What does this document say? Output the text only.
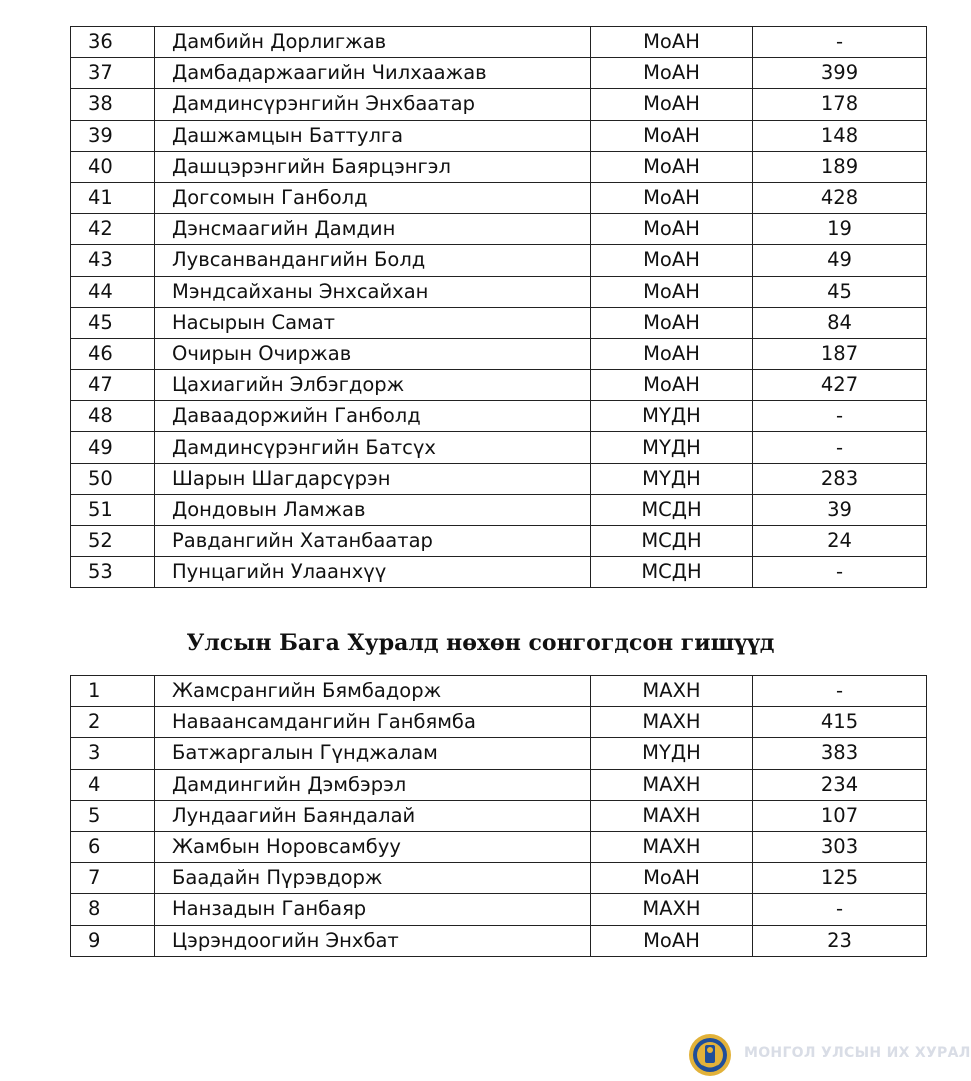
36	Дамбийн Дорлигжав	МоАН	-
37	Дамбадаржаагийн Чилхаажав	МоАН	399
38	Дамдинсүрэнгийн Энхбаатар	МоАН	178
39	Дашжамцын Баттулга	МоАН	148
40	Дашцэрэнгийн Баярцэнгэл	МоАН	189
41	Догсомын Ганболд	МоАН	428
42	Дэнсмаагийн Дамдин	МоАН	19
43	Лувсанвандангийн Болд	МоАН	49
44	Мэндсайханы Энхсайхан	МоАН	45
45	Насырын Самат	МоАН	84
46	Очирын Очиржав	МоАН	187
47	Цахиагийн Элбэгдорж	МоАН	427
48	Даваадоржийн Ганболд	МҮДН	-
49	Дамдинсүрэнгийн Батсүх	МҮДН	-
50	Шарын Шагдарсүрэн	МҮДН	283
51	Дондовын Ламжав	МСДН	39
52	Равдангийн Хатанбаатар	МСДН	24
53	Пунцагийн Улаанхүү	МСДН	-
Улсын Бага Хуралд нөхөн сонгогдсон гишүүд
1	Жамсрангийн Бямбадорж	МАХН	-
2	Навaансамдангийн Ганбямба	МАХН	415
3	Батжаргалын Гүнджалам	МҮДН	383
4	Дамдингийн Дэмбэрэл	МАХН	234
5	Лундаагийн Баяндалай	МАХН	107
6	Жамбын Норовсамбуу	МАХН	303
7	Баадайн Пүрэвдорж	МоАН	125
8	Нанзадын Ганбаяр	МАХН	-
9	Цэрэндоогийн Энхбат	МоАН	23
МОНГОЛ УЛСЫН ИХ ХУРАЛ
